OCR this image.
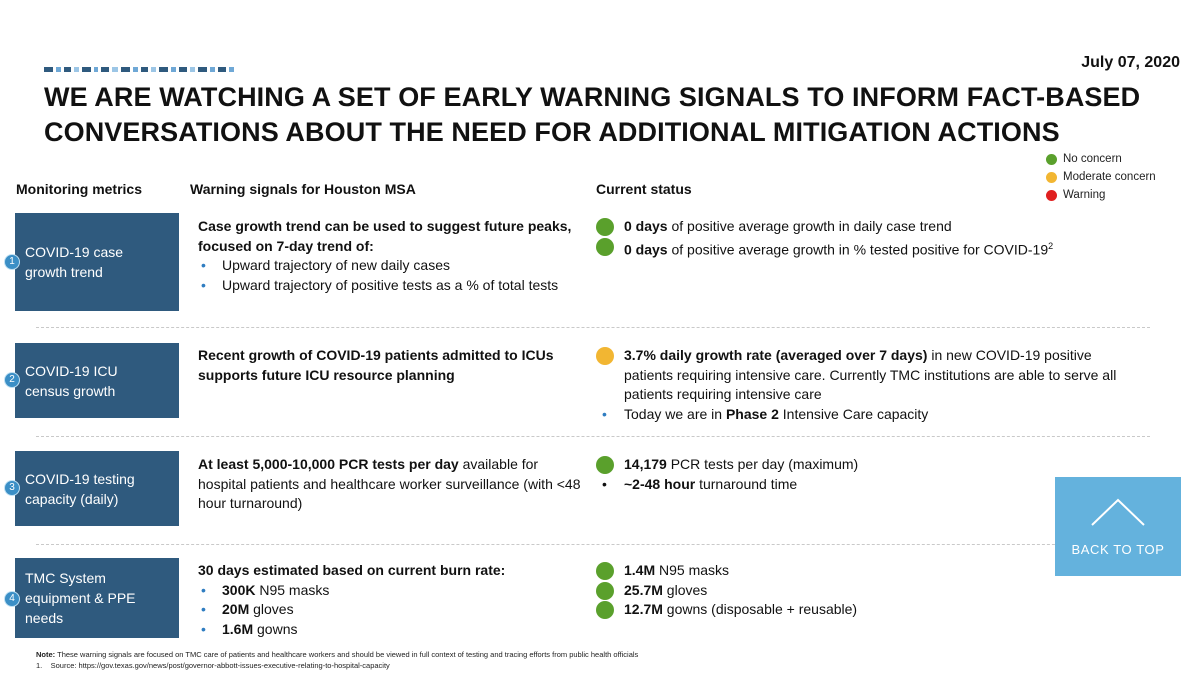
July 07, 2020
WE ARE WATCHING A SET OF EARLY WARNING SIGNALS TO INFORM FACT-BASED
CONVERSATIONS ABOUT THE NEED FOR ADDITIONAL MITIGATION ACTIONS
No concern
Moderate concern
Warning
Monitoring metrics	Warning signals for Houston MSA	Current status
COVID-19 case
growth trend
1
Case growth trend can be used to suggest future peaks, focused on 7-day trend of:
• Upward trajectory of new daily cases
• Upward trajectory of positive tests as a % of total tests
0 days of positive average growth in daily case trend
0 days of positive average growth in % tested positive for COVID-$19^2$
COVID-19 ICU
census growth
2
Recent growth of COVID-19 patients admitted to ICUs supports future ICU resource planning
3.7% daily growth rate (averaged over 7 days) in new COVID-19 positive patients requiring intensive care. Currently TMC institutions are able to serve all patients requiring intensive care
• Today we are in Phase 2 Intensive Care capacity
COVID-19 testing
capacity (daily)
3
At least 5,000-10,000 PCR tests per day available for hospital patients and healthcare worker surveillance (with <48 hour turnaround)
14,179 PCR tests per day (maximum)
• ~2-48 hour turnaround time
TMC System
equipment & PPE
needs
4
30 days estimated based on current burn rate:
• 300K N95 masks
• 20M gloves
• 1.6M gowns
1.4M N95 masks
25.7M gloves
12.7M gowns (disposable + reusable)
BACK TO TOP
Note: These warning signals are focused on TMC care of patients and healthcare workers and should be viewed in full context of testing and tracing efforts from public health officials
1. Source: https://gov.texas.gov/news/post/governor-abbott-issues-executive-relating-to-hospital-capacity
